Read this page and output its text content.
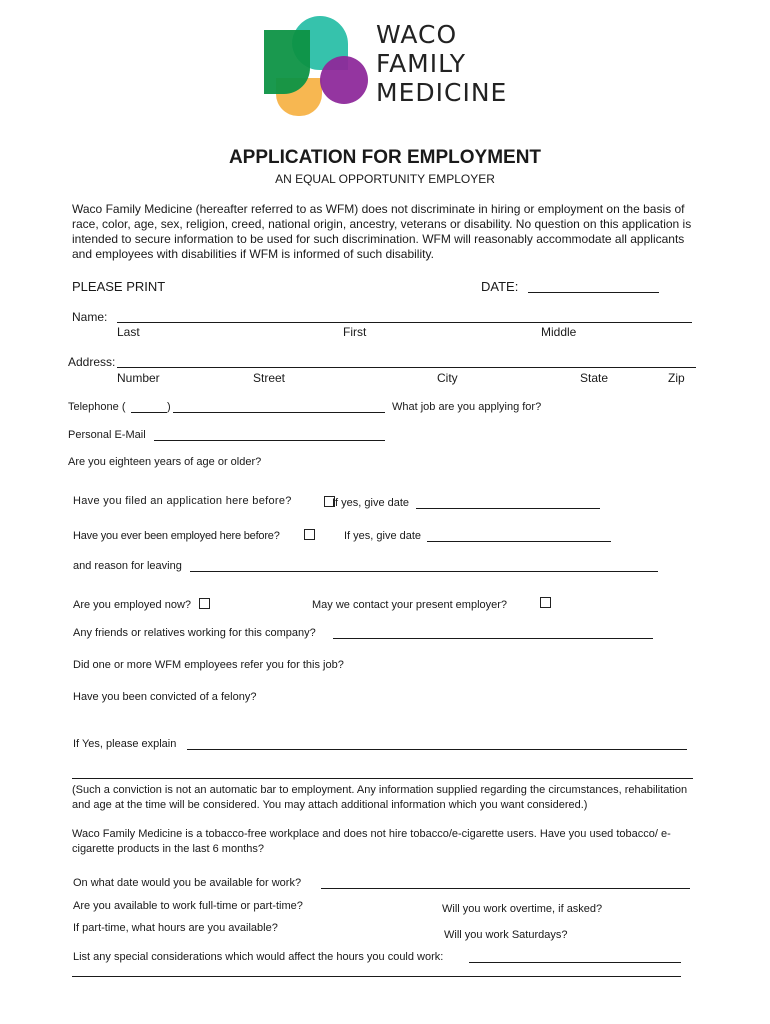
WACO
FAMILY
MEDICINE
APPLICATION FOR EMPLOYMENT
AN EQUAL OPPORTUNITY EMPLOYER
Waco Family Medicine (hereafter referred to as WFM) does not discriminate in hiring or employment on the basis of race, color, age, sex, religion, creed, national origin, ancestry, veterans or disability. No question on this application is intended to secure information to be used for such discrimination. WFM will reasonably accommodate all applicants and employees with disabilities if WFM is informed of such disability.
PLEASE PRINT	DATE:
Name:
Last	First	Middle
Address:
Number	Street	City	State	Zip
Telephone (	)	What job are you applying for?
Personal E-Mail
Are you eighteen years of age or older?
Have you filed an application here before?	If yes, give date
Have you ever been employed here before?	If yes, give date
and reason for leaving
Are you employed now?	May we contact your present employer?
Any friends or relatives working for this company?
Did one or more WFM employees refer you for this job?
Have you been convicted of a felony?
If Yes, please explain
(Such a conviction is not an automatic bar to employment. Any information supplied regarding the circumstances, rehabilitation and age at the time will be considered. You may attach additional information which you want considered.)
Waco Family Medicine is a tobacco-free workplace and does not hire tobacco/e-cigarette users. Have you used tobacco/ e-cigarette products in the last 6 months?
On what date would you be available for work?
Are you available to work full-time or part-time?	Will you work overtime, if asked?
If part-time, what hours are you available?
Will you work Saturdays?
List any special considerations which would affect the hours you could work:
